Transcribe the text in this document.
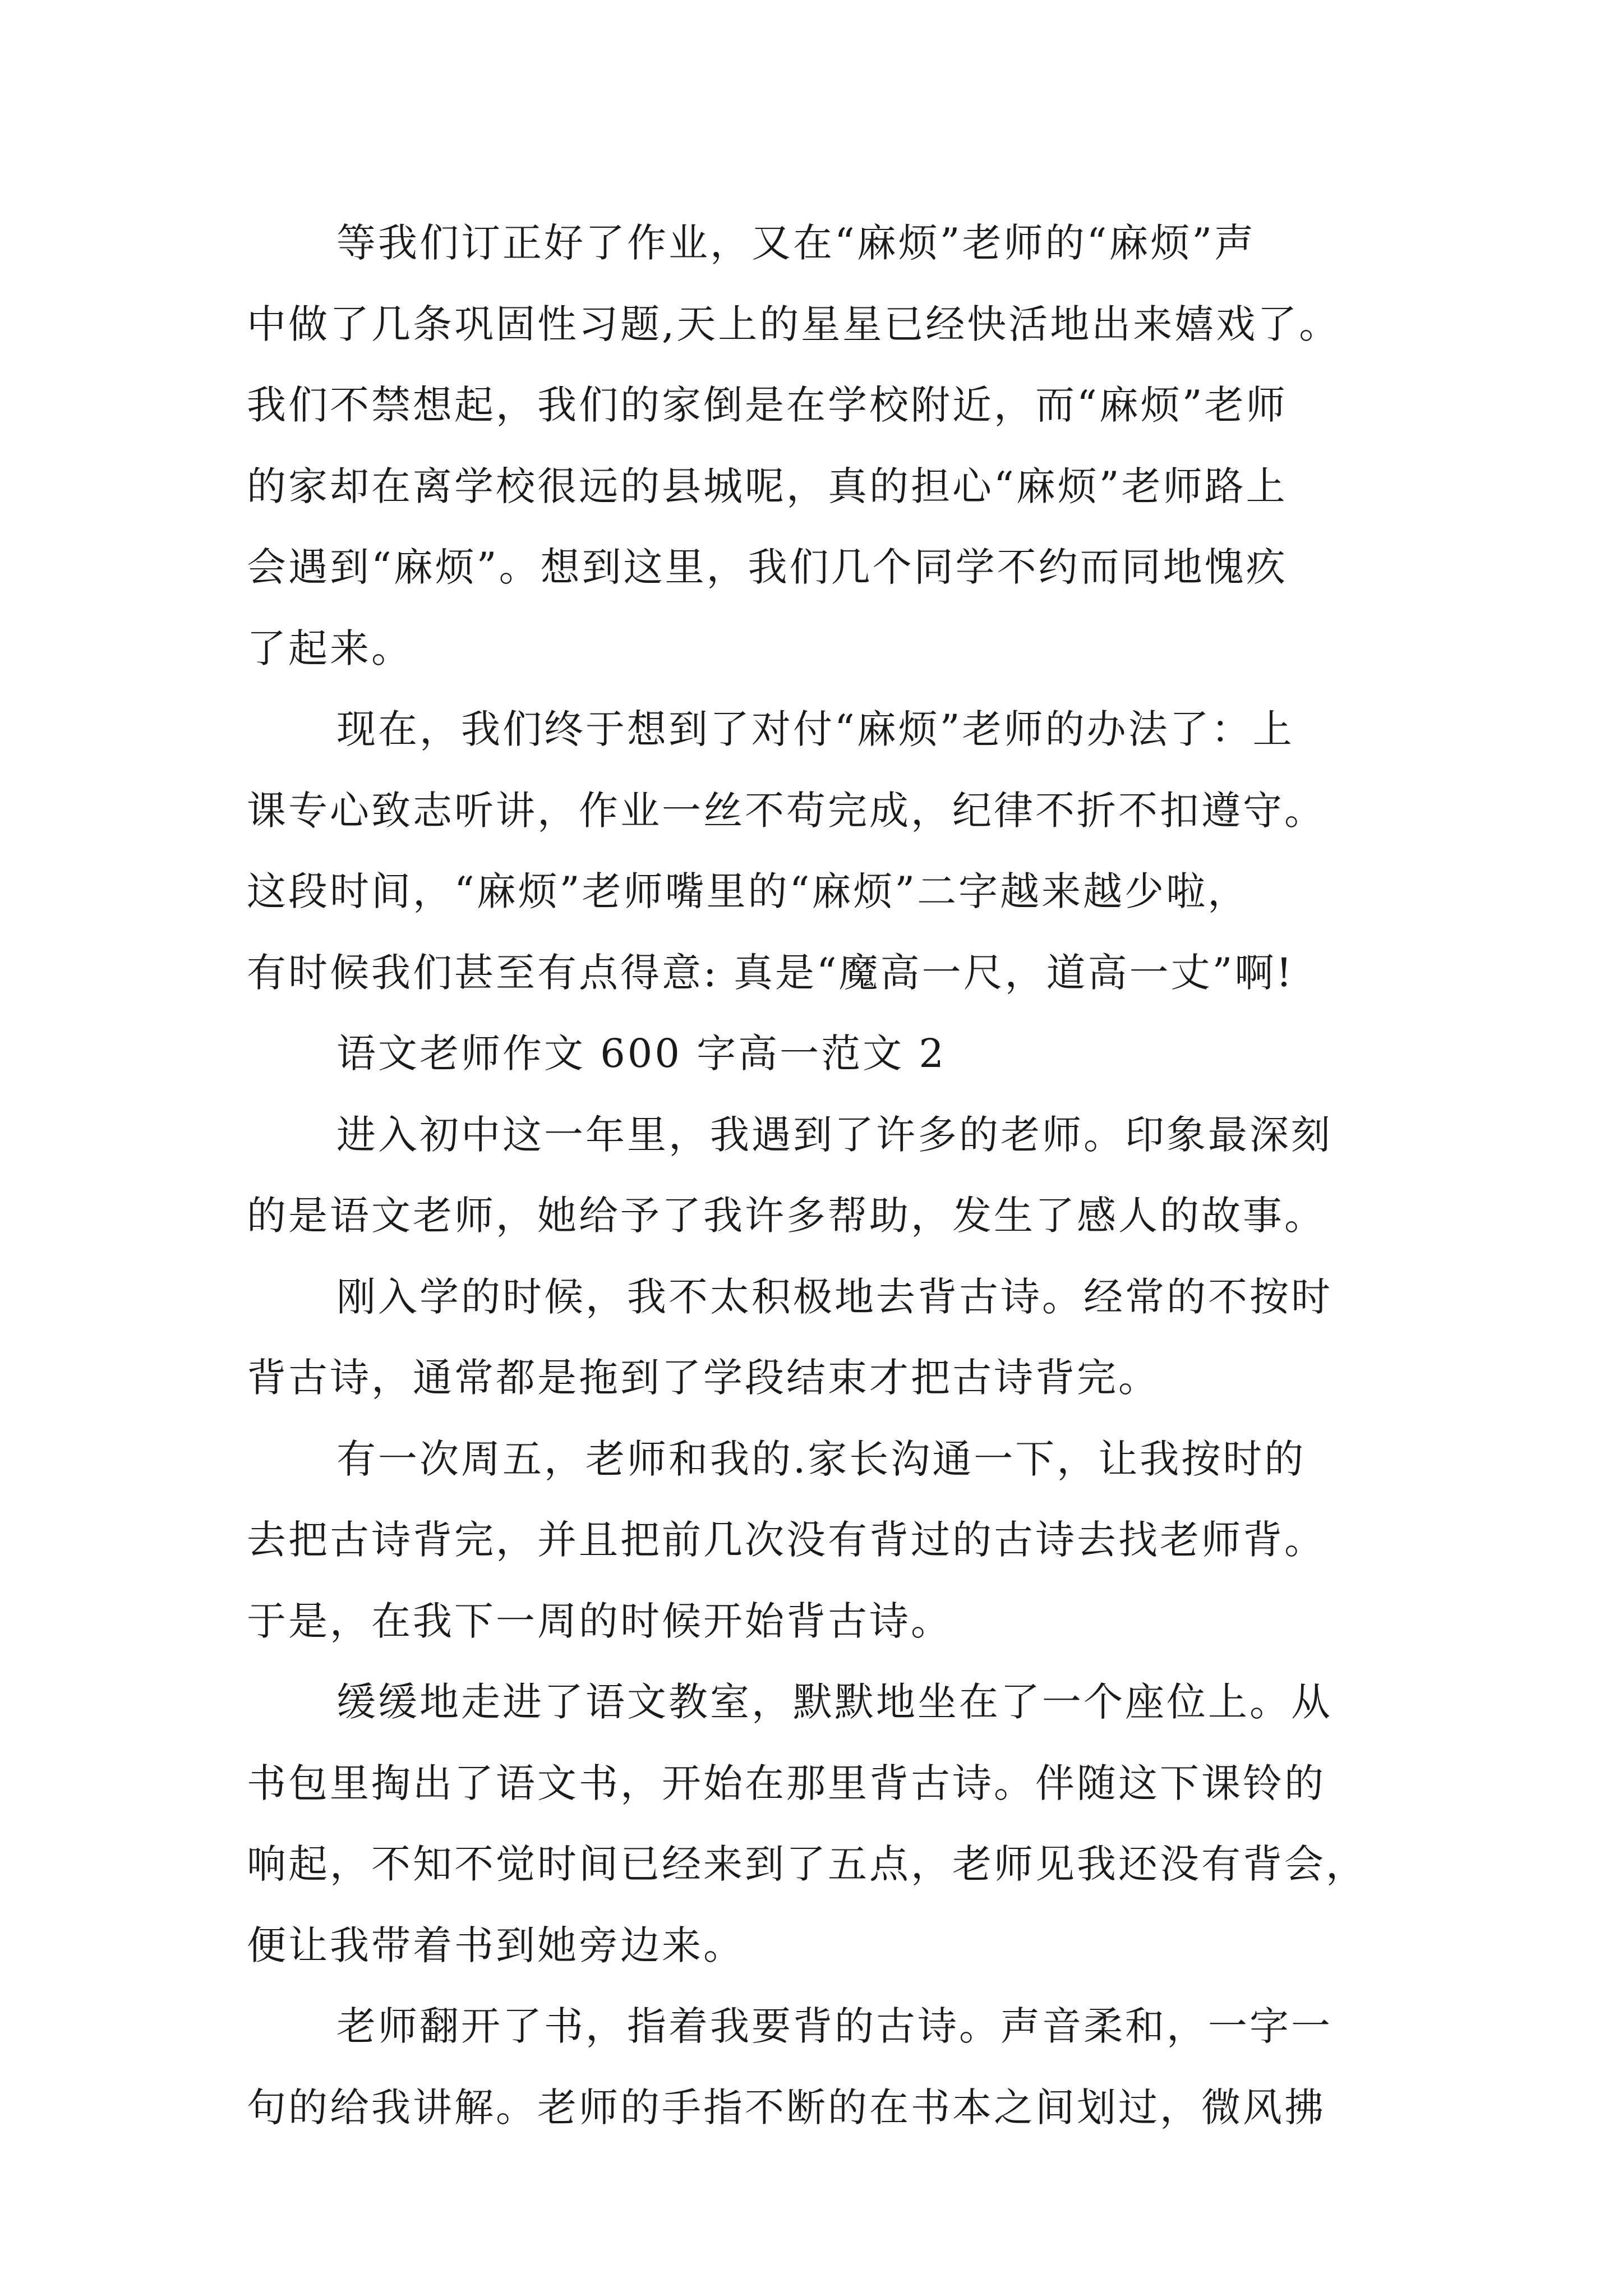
等我们订正好了作业，又在“麻烦”老师的“麻烦”声
中做了几条巩固性习题,天上的星星已经快活地出来嬉戏了。
我们不禁想起，我们的家倒是在学校附近，而“麻烦”老师
的家却在离学校很远的县城呢，真的担心“麻烦”老师路上
会遇到“麻烦”。想到这里，我们几个同学不约而同地愧疚
了起来。
现在，我们终于想到了对付“麻烦”老师的办法了：上
课专心致志听讲，作业一丝不苟完成，纪律不折不扣遵守。
这段时间，“麻烦”老师嘴里的“麻烦”二字越来越少啦，
有时候我们甚至有点得意: 真是“魔高一尺，道高一丈”啊!
语文老师作文 600 字高一范文 2
进入初中这一年里，我遇到了许多的老师。印象最深刻
的是语文老师，她给予了我许多帮助，发生了感人的故事。
刚入学的时候，我不太积极地去背古诗。经常的不按时
背古诗，通常都是拖到了学段结束才把古诗背完。
有一次周五，老师和我的.家长沟通一下，让我按时的
去把古诗背完，并且把前几次没有背过的古诗去找老师背。
于是，在我下一周的时候开始背古诗。
缓缓地走进了语文教室，默默地坐在了一个座位上。从
书包里掏出了语文书，开始在那里背古诗。伴随这下课铃的
响起，不知不觉时间已经来到了五点，老师见我还没有背会，
便让我带着书到她旁边来。
老师翻开了书，指着我要背的古诗。声音柔和，一字一
句的给我讲解。老师的手指不断的在书本之间划过，微风拂
